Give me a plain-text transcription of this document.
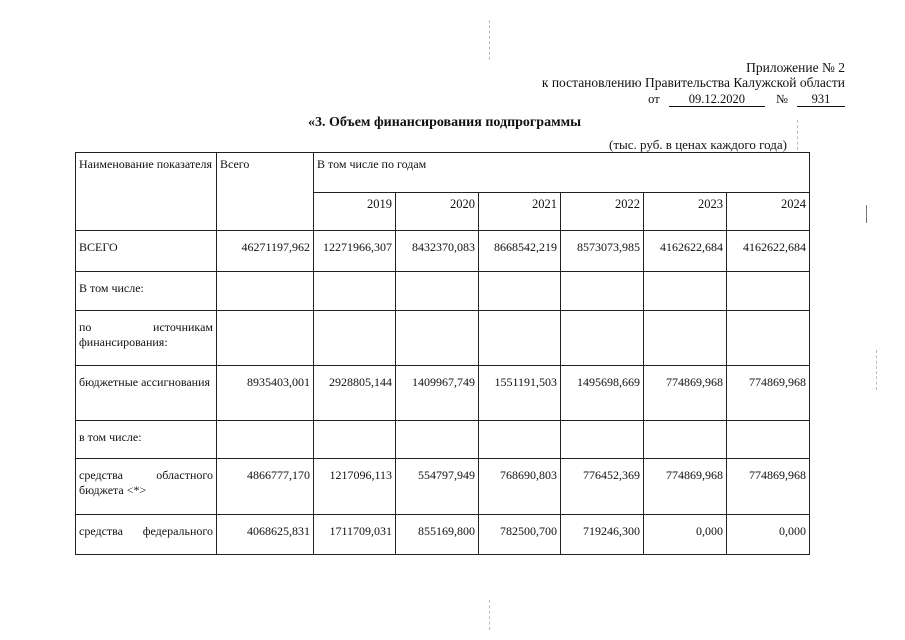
Приложение № 2
к постановлению Правительства Калужской области
от 09.12.2020 № 931
«3. Объем финансирования подпрограммы
(тыс. руб. в ценах каждого года)
Наименование показателя	Всего	В том числе по годам					
		2019	2020	2021	2022	2023	2024
ВСЕГО	46271197,962	12271966,307	8432370,083	8668542,219	8573073,985	4162622,684	4162622,684
В том числе:							

по источникам
финансирования:							

бюджетные ассигнования	8935403,001	2928805,144	1409967,749	1551191,503	1495698,669	774869,968	774869,968
в том числе:							

средства областного
бюджета <*>	4866777,170	1217096,113	554797,949	768690,803	776452,369	774869,968	774869,968

средства федерального	4068625,831	1711709,031	855169,800	782500,700	719246,300	0,000	0,000
